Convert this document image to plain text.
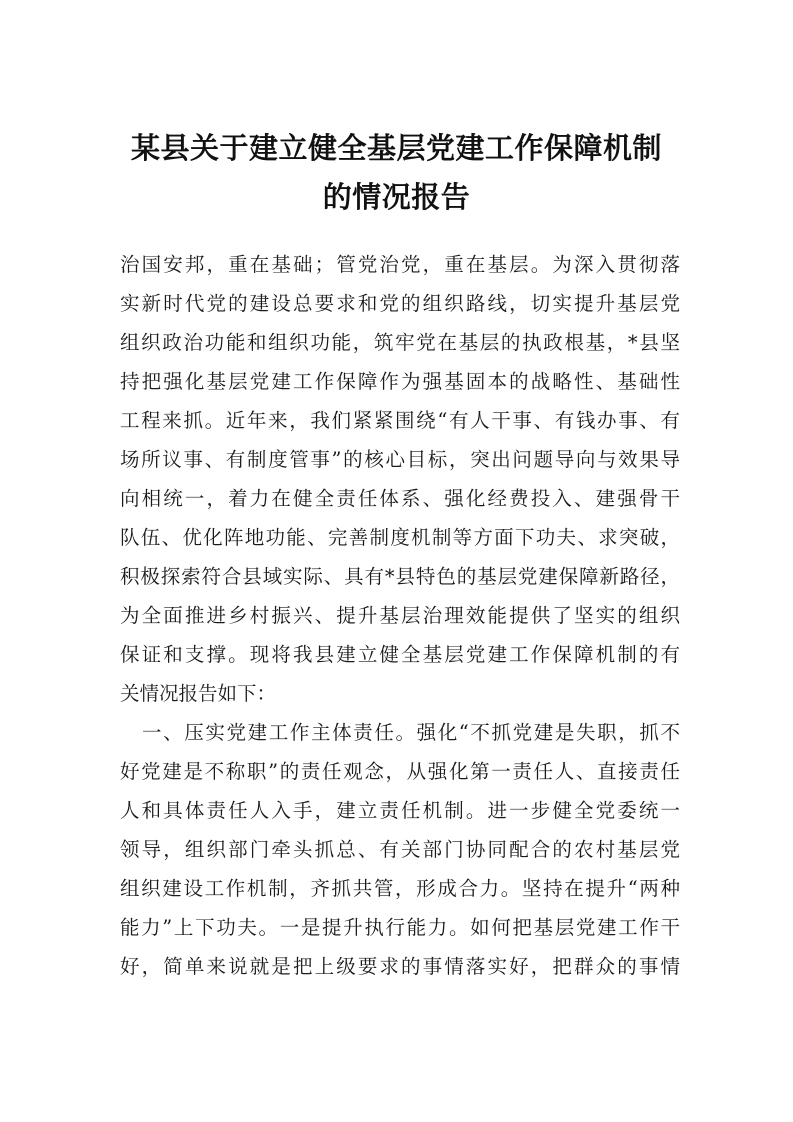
某县关于建立健全基层党建工作保障机制
的情况报告
治国安邦，重在基础；管党治党，重在基层。为深入贯彻落
实新时代党的建设总要求和党的组织路线，切实提升基层党
组织政治功能和组织功能，筑牢党在基层的执政根基，*县坚
持把强化基层党建工作保障作为强基固本的战略性、基础性
工程来抓。近年来，我们紧紧围绕“有人干事、有钱办事、有
场所议事、有制度管事”的核心目标，突出问题导向与效果导
向相统一，着力在健全责任体系、强化经费投入、建强骨干
队伍、优化阵地功能、完善制度机制等方面下功夫、求突破，
积极探索符合县域实际、具有*县特色的基层党建保障新路径，
为全面推进乡村振兴、提升基层治理效能提供了坚实的组织
保证和支撑。现将我县建立健全基层党建工作保障机制的有
关情况报告如下：
一、压实党建工作主体责任。强化“不抓党建是失职，抓不
好党建是不称职”的责任观念，从强化第一责任人、直接责任
人和具体责任人入手，建立责任机制。进一步健全党委统一
领导，组织部门牵头抓总、有关部门协同配合的农村基层党
组织建设工作机制，齐抓共管，形成合力。坚持在提升“两种
能力”上下功夫。一是提升执行能力。如何把基层党建工作干
好，简单来说就是把上级要求的事情落实好，把群众的事情
